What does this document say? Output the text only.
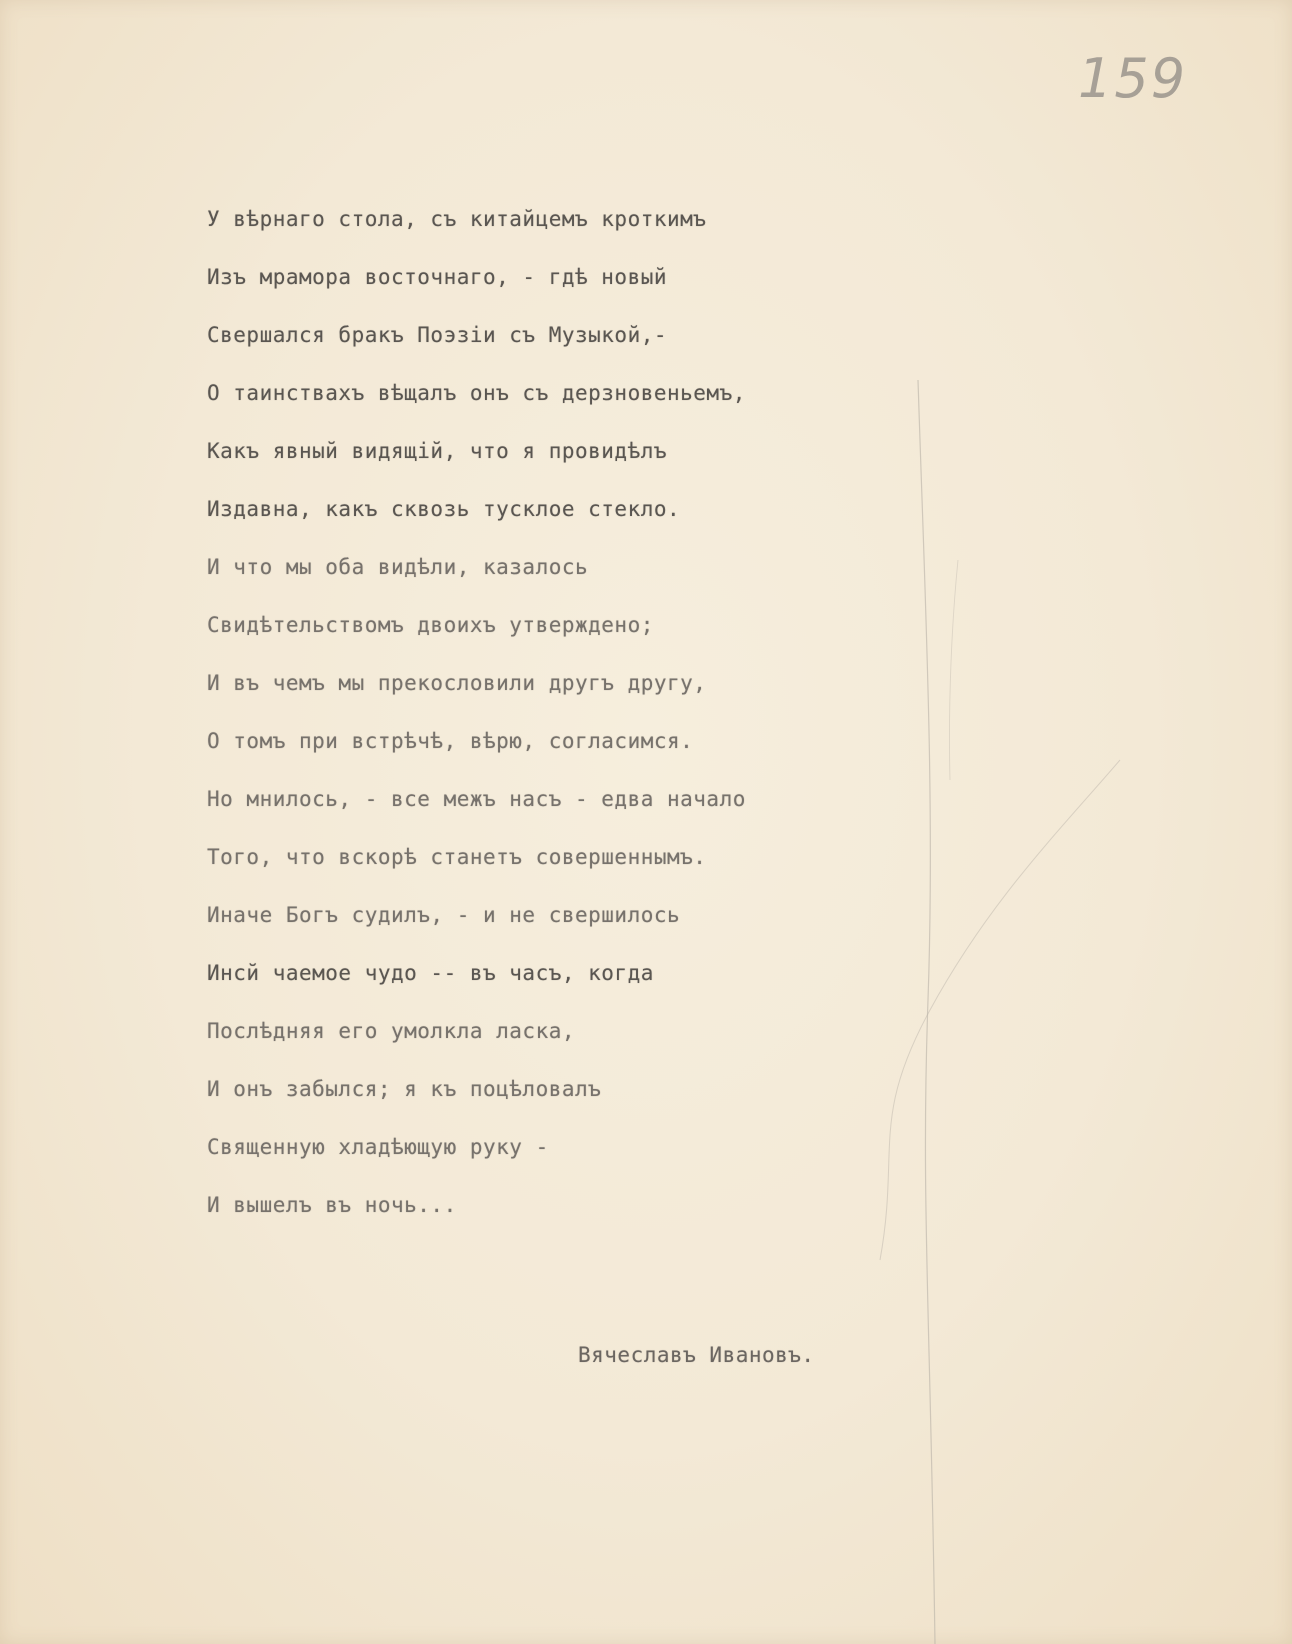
159
У вѣрнаго стола, съ китайцемъ кроткимъ
Изъ мрамора восточнаго, - гдѣ новый
Свершался бракъ Поэзіи съ Музыкой,-
О таинствахъ вѣщалъ онъ съ дерзновеньемъ,
Какъ явный видящій, что я провидѣлъ
Издавна, какъ сквозь тусклое стекло.
И что мы оба видѣли, казалось
Свидѣтельствомъ двоихъ утверждено;
И въ чемъ мы прекословили другъ другу,
О томъ при встрѣчѣ, вѣрю, согласимся.
Но мнилось, - все межъ насъ - едва начало
Того, что вскорѣ станетъ совершеннымъ.
Иначе Богъ судилъ, - и не свершилось
Инсй чаемое чудо -- въ часъ, когда
Послѣдняя его умолкла ласка,
И онъ забылся; я къ поцѣловалъ
Священную хладѣющую руку -
И вышелъ въ ночь...
Вячеславъ Ивановъ.
